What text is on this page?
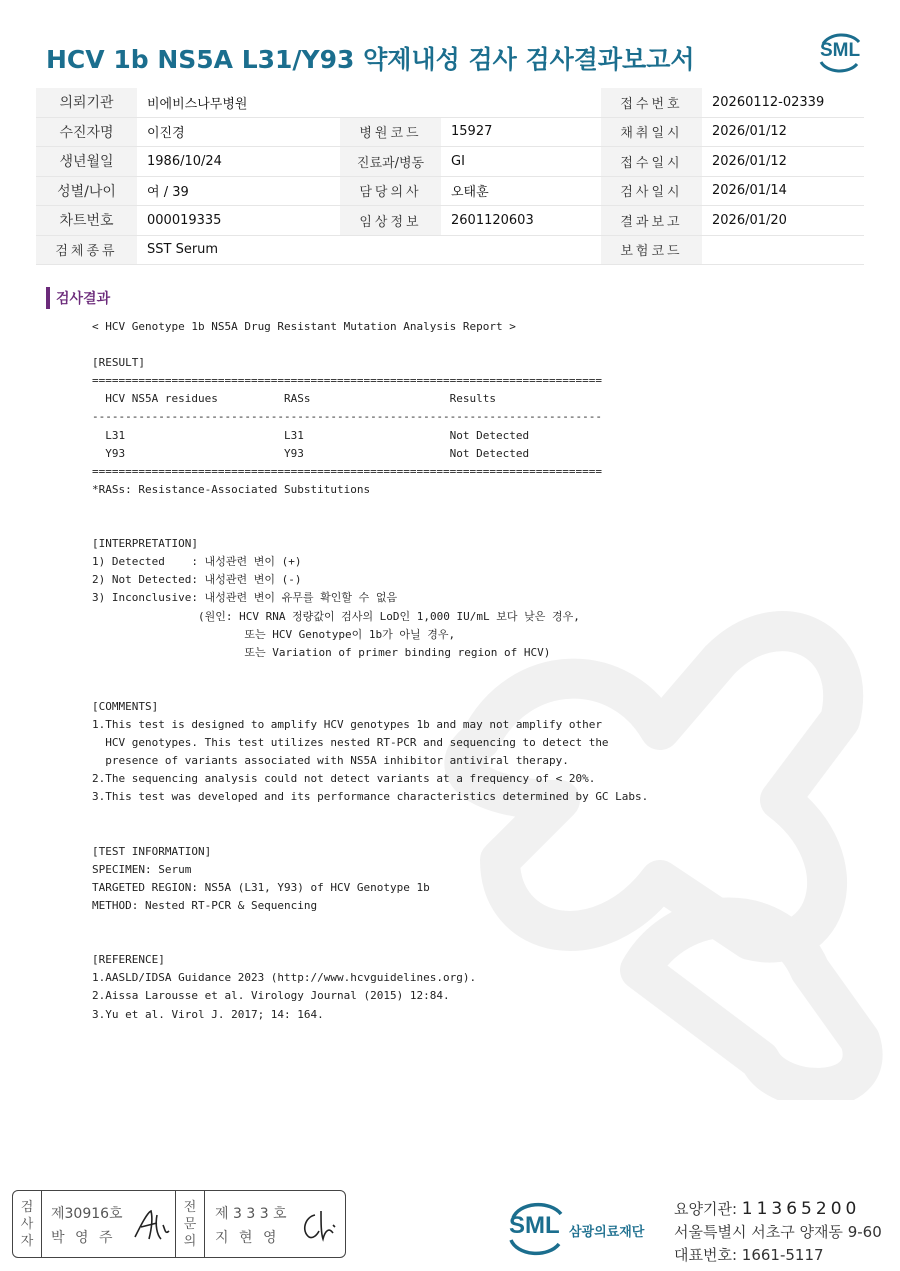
HCV 1b NS5A L31/Y93 약제내성 검사 검사결과보고서	SML
의뢰기관	비에비스나무병원			접수번호	20260112-02339
수진자명	이진경	병원코드	15927	채취일시	2026/01/12
생년월일	1986/10/24	진료과/병동	GI	접수일시	2026/01/12
성별/나이	여 / 39	담당의사	오태훈	검사일시	2026/01/14
차트번호	000019335	임상정보	2601120603	결과보고	2026/01/20
검체종류	SST Serum			보험코드	
검사결과
< HCV Genotype 1b NS5A Drug Resistant Mutation Analysis Report >

[RESULT]
=============================================================================
HCV NS5A residues          RASs                     Results
-----------------------------------------------------------------------------
L31                        L31                      Not Detected
Y93                        Y93                      Not Detected
=============================================================================
*RASs: Resistance-Associated Substitutions

[INTERPRETATION]
1) Detected    : 내성관련 변이 (+)
2) Not Detected: 내성관련 변이 (-)
3) Inconclusive: 내성관련 변이 유무를 확인할 수 없음
(원인: HCV RNA 정량값이 검사의 LoD인 1,000 IU/mL 보다 낮은 경우,
또는 HCV Genotype이 1b가 아닐 경우,
또는 Variation of primer binding region of HCV)

[COMMENTS]
1.This test is designed to amplify HCV genotypes 1b and may not amplify other
HCV genotypes. This test utilizes nested RT-PCR and sequencing to detect the
presence of variants associated with NS5A inhibitor antiviral therapy.
2.The sequencing analysis could not detect variants at a frequency of < 20%.
3.This test was developed and its performance characteristics determined by GC Labs.

[TEST INFORMATION]
SPECIMEN: Serum
TARGETED REGION: NS5A (L31, Y93) of HCV Genotype 1b
METHOD: Nested RT-PCR & Sequencing

[REFERENCE]
1.AASLD/IDSA Guidance 2023 (http://www.hcvguidelines.org).
2.Aissa Larousse et al. Virology Journal (2015) 12:84.
3.Yu et al. Virol J. 2017; 14: 164.
검
사
자
제30916호
박 영 주
전
문
의
제 3 3 3 호
지 현 영	SML 삼광의료재단
요양기관: 11365200
서울특별시 서초구 양재동 9-60
대표번호: 1661-5117
